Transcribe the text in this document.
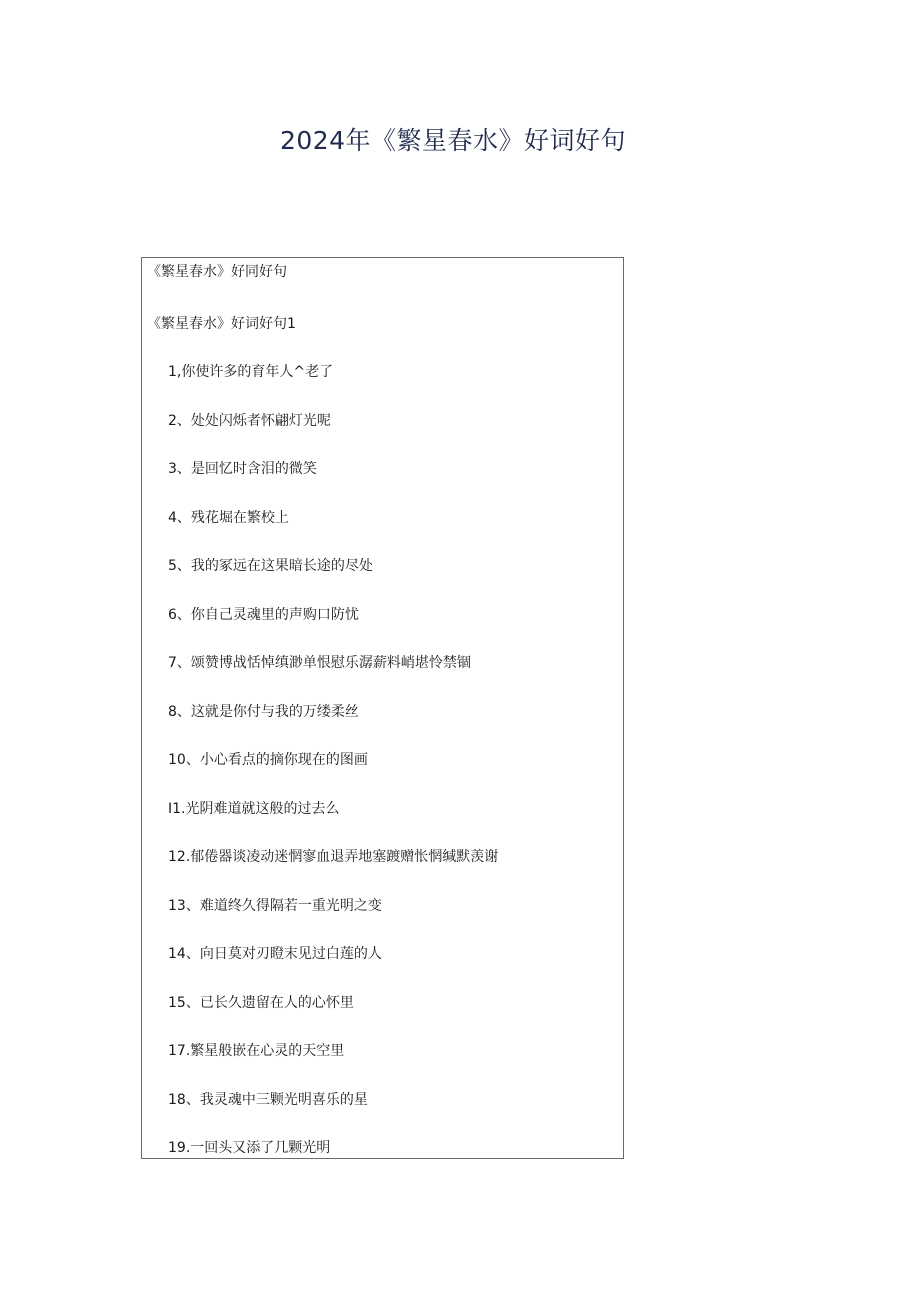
2024年《繁星春水》好词好句
《繁星春水》好同好句
《繁星春水》好词好句1
1,你使许多的育年人^老了
2、处处闪烁者怀翩灯光呢
3、是回忆时含泪的微笑
4、残花堀在繁校上
5、我的冢远在这果暗长途的尽处
6、你自己灵魂里的声购口防忧
7、颂赞博战恬悼缜渺单恨慰乐潺薪料峭堪怜禁锢
8、这就是你付与我的万缕柔丝
10、小心看点的摘你现在的图画
I1.光阴难道就这般的过去么
12.郁倦器谈凌动迷惘寥血退弄地塞踱赠怅惘缄默羡谢
13、难道终久得隔若一重光明之变
14、向日莫对刃瞪末见过白莲的人
15、已长久遗留在人的心怀里
17.繁星般嵌在心灵的天空里
18、我灵魂中三颗光明喜乐的星
19.一回头又添了几颗光明
